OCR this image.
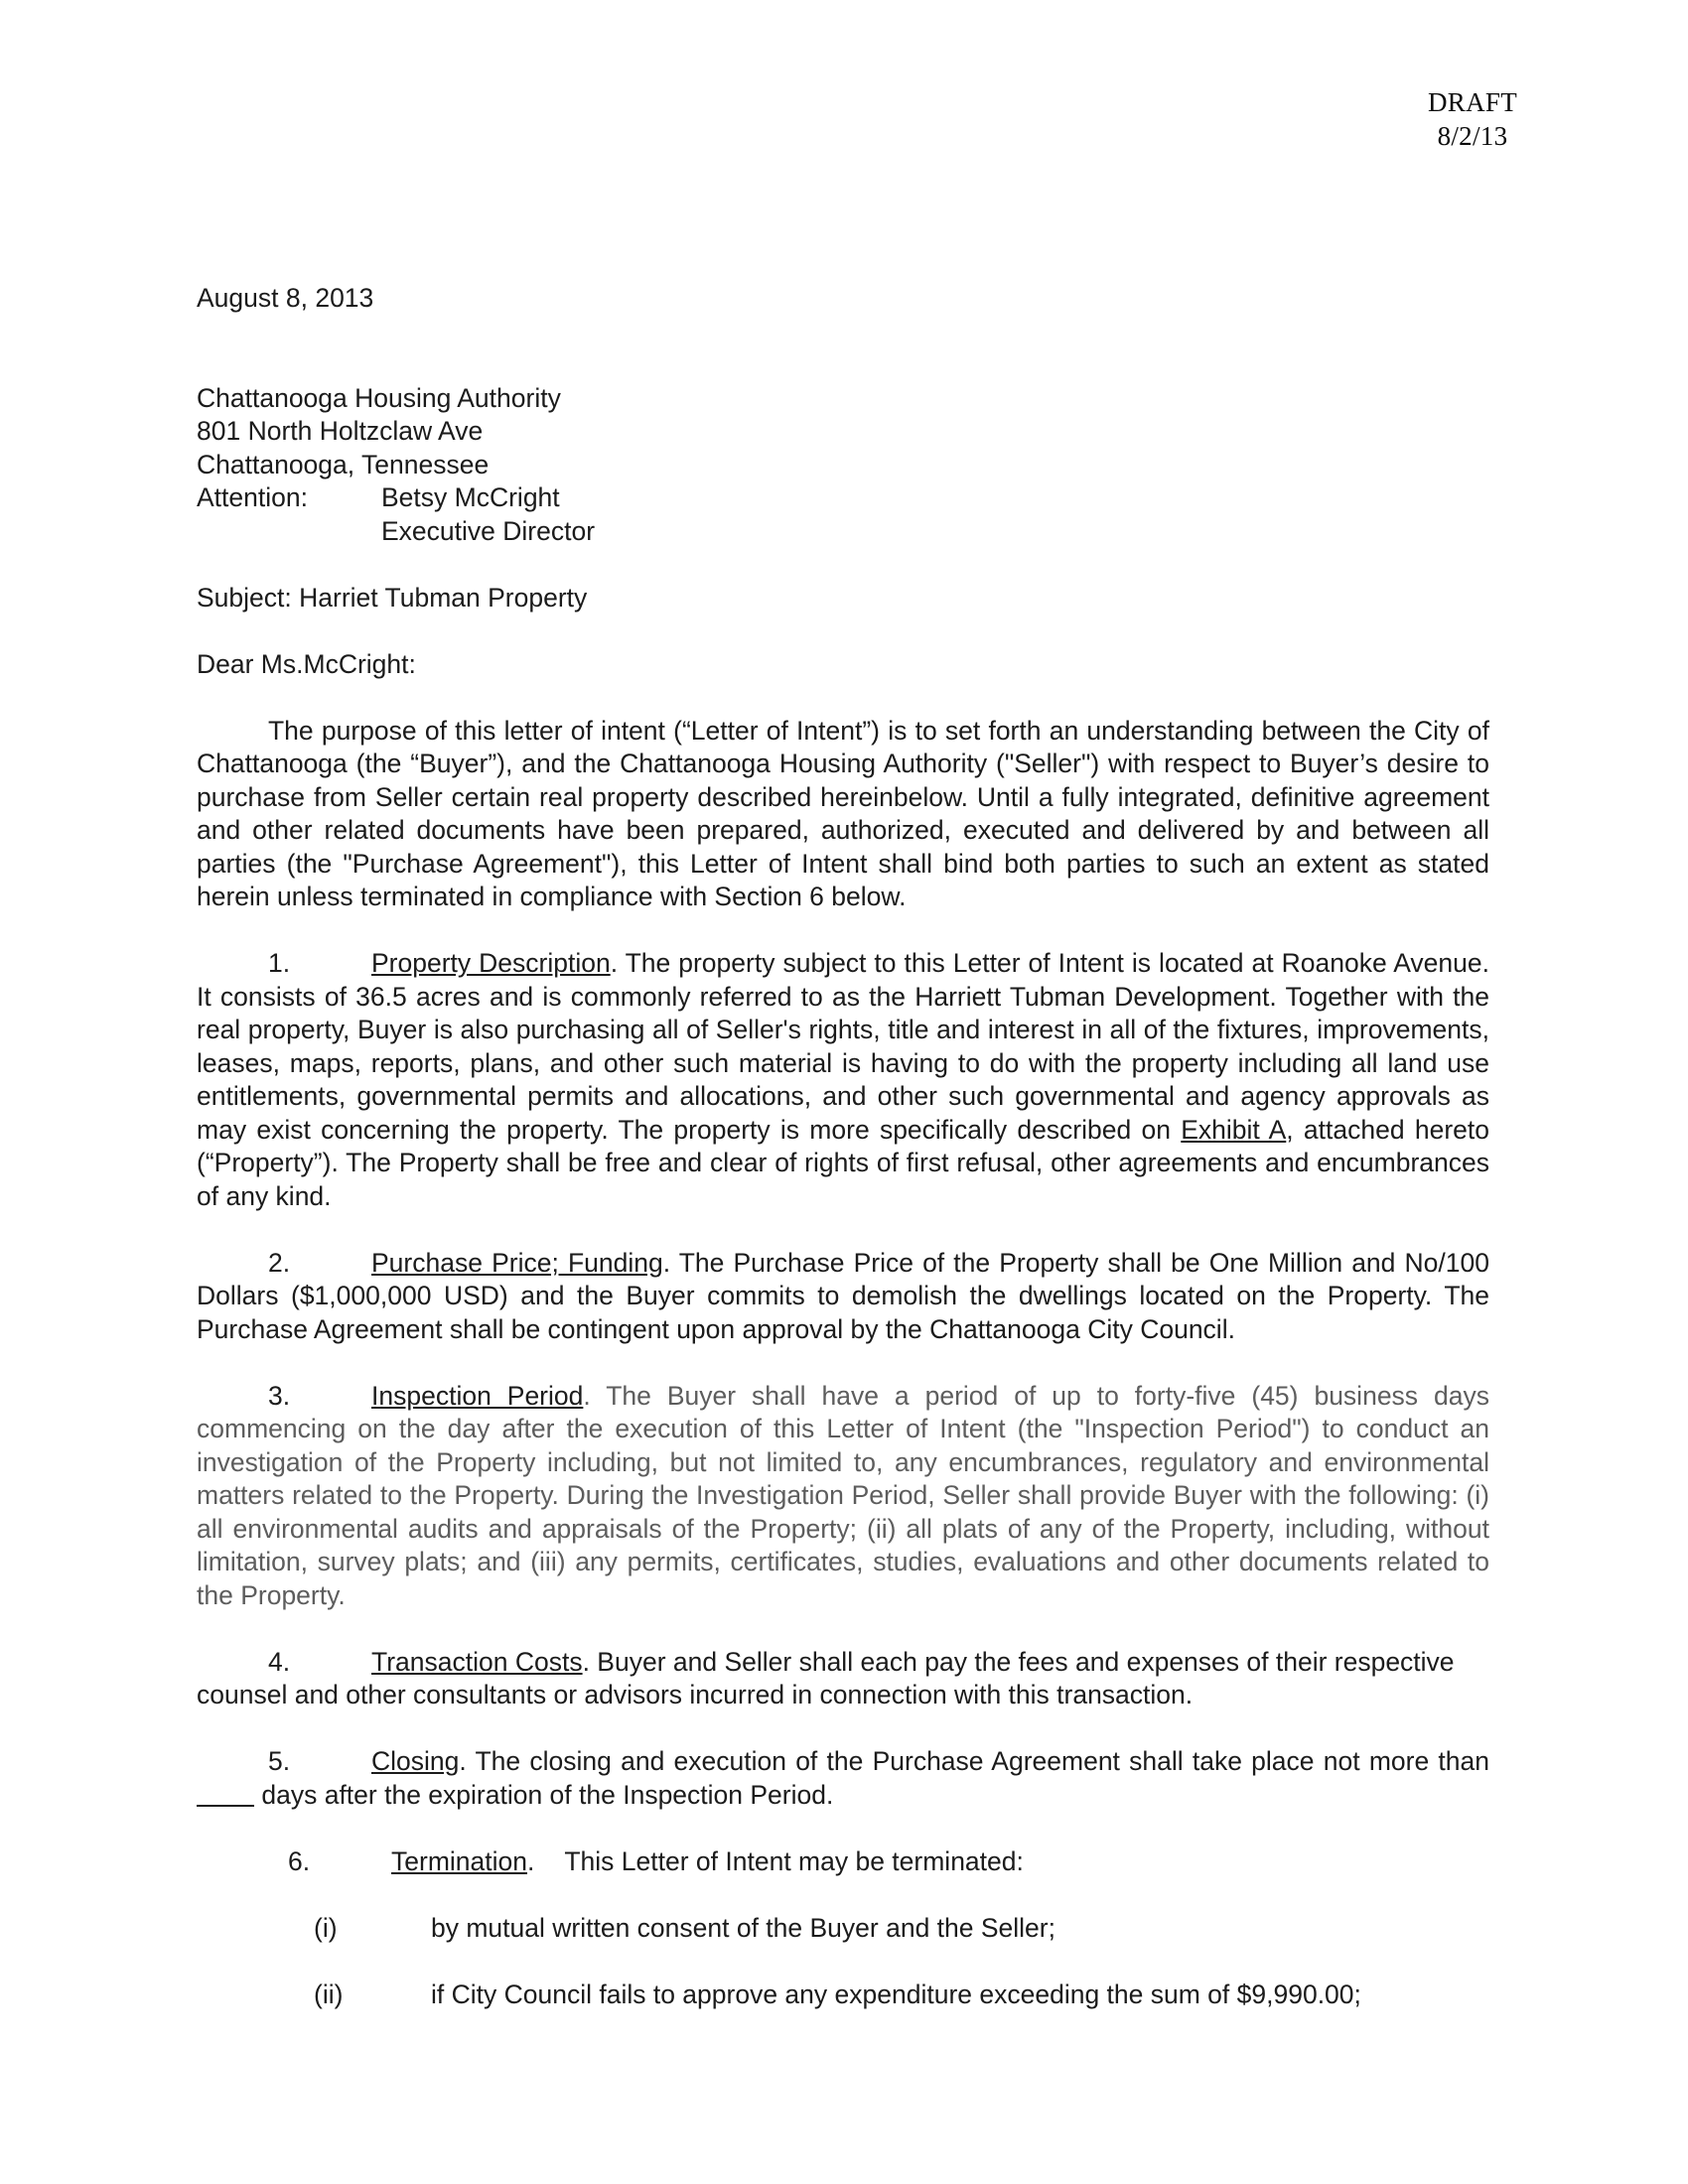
DRAFT
8/2/13
August 8, 2013
Chattanooga Housing Authority
801 North Holtzclaw Ave
Chattanooga, Tennessee
Attention:	Betsy McCright
Executive Director
Subject: Harriet Tubman Property
Dear Ms.McCright:

The purpose of this letter of intent (“Letter of Intent”) is to set forth an understanding between the City of Chattanooga (the “Buyer”), and the Chattanooga Housing Authority ("Seller") with respect to Buyer’s desire to purchase from Seller certain real property described hereinbelow. Until a fully integrated, definitive agreement and other related documents have been prepared, authorized, executed and delivered by and between all parties (the "Purchase Agreement"), this Letter of Intent shall bind both parties to such an extent as stated herein unless terminated in compliance with Section 6 below.

1.	Property Description. The property subject to this Letter of Intent is located at Roanoke Avenue. It consists of 36.5 acres and is commonly referred to as the Harriett Tubman Development. Together with the real property, Buyer is also purchasing all of Seller's rights, title and interest in all of the fixtures, improvements, leases, maps, reports, plans, and other such material is having to do with the property including all land use entitlements, governmental permits and allocations, and other such governmental and agency approvals as may exist concerning the property. The property is more specifically described on Exhibit A, attached hereto (“Property”). The Property shall be free and clear of rights of first refusal, other agreements and encumbrances of any kind.

2.	Purchase Price; Funding. The Purchase Price of the Property shall be One Million and No/100 Dollars ($1,000,000 USD) and the Buyer commits to demolish the dwellings located on the Property. The Purchase Agreement shall be contingent upon approval by the Chattanooga City Council.

3.	Inspection Period. The Buyer shall have a period of up to forty-five (45) business days commencing on the day after the execution of this Letter of Intent (the "Inspection Period") to conduct an investigation of the Property including, but not limited to, any encumbrances, regulatory and environmental matters related to the Property. During the Investigation Period, Seller shall provide Buyer with the following: (i) all environmental audits and appraisals of the Property; (ii) all plats of any of the Property, including, without limitation, survey plats; and (iii) any permits, certificates, studies, evaluations and other documents related to the Property.

4.	Transaction Costs. Buyer and Seller shall each pay the fees and expenses of their respective counsel and other consultants or advisors incurred in connection with this transaction.

5.	Closing. The closing and execution of the Purchase Agreement shall take place not more than  days after the expiration of the Inspection Period.

6.	Termination. This Letter of Intent may be terminated:

(i)	by mutual written consent of the Buyer and the Seller;

(ii)	if City Council fails to approve any expenditure exceeding the sum of $9,990.00;
